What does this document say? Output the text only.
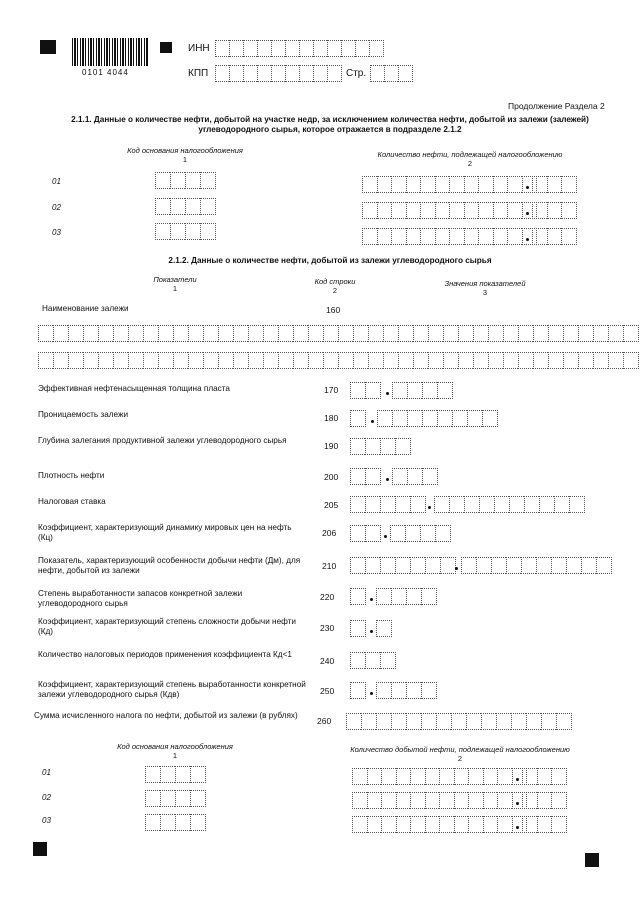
0101 4044
ИНН
КПП	Стр.
Продолжение Раздела 2
2.1.1. Данные о количестве нефти, добытой на участке недр, за исключением количества нефти, добытой из залежи (залежей) углеводородного сырья, которое отражается в подразделе 2.1.2
Код основания налогообложения
1
Количество нефти, подлежащей налогообложению
2
01
02
03
2.1.2. Данные о количестве нефти, добытой из залежи углеводородного сырья
Показатели
1
Код строки
2
Значения показателей
3
Наименование залежи	160
Эффективная нефтенасыщенная толщина пласта	170
Проницаемость залежи	180
Глубина залегания продуктивной залежи углеводородного сырья
190
Плотность нефти	200
Налоговая ставка	205
Коэффициент, характеризующий динамику мировых цен на нефть (Кц)	206
Показатель, характеризующий особенности добычи нефти (Дм), для нефти, добытой из залежи	210
Степень выработанности запасов конкретной залежи углеводородного сырья
220
Коэффициент, характеризующий степень сложности добычи нефти (Кд)	230
Количество налоговых периодов применения коэффициента Кд<1
240
Коэффициент, характеризующий степень выработанности конкретной залежи углеводородного сырья (Кдв)	250
Сумма исчисленного налога по нефти, добытой из залежи (в рублях)
260
Код основания налогообложения
1
Количество добытой нефти, подлежащей налогообложению
2
01
02
03
